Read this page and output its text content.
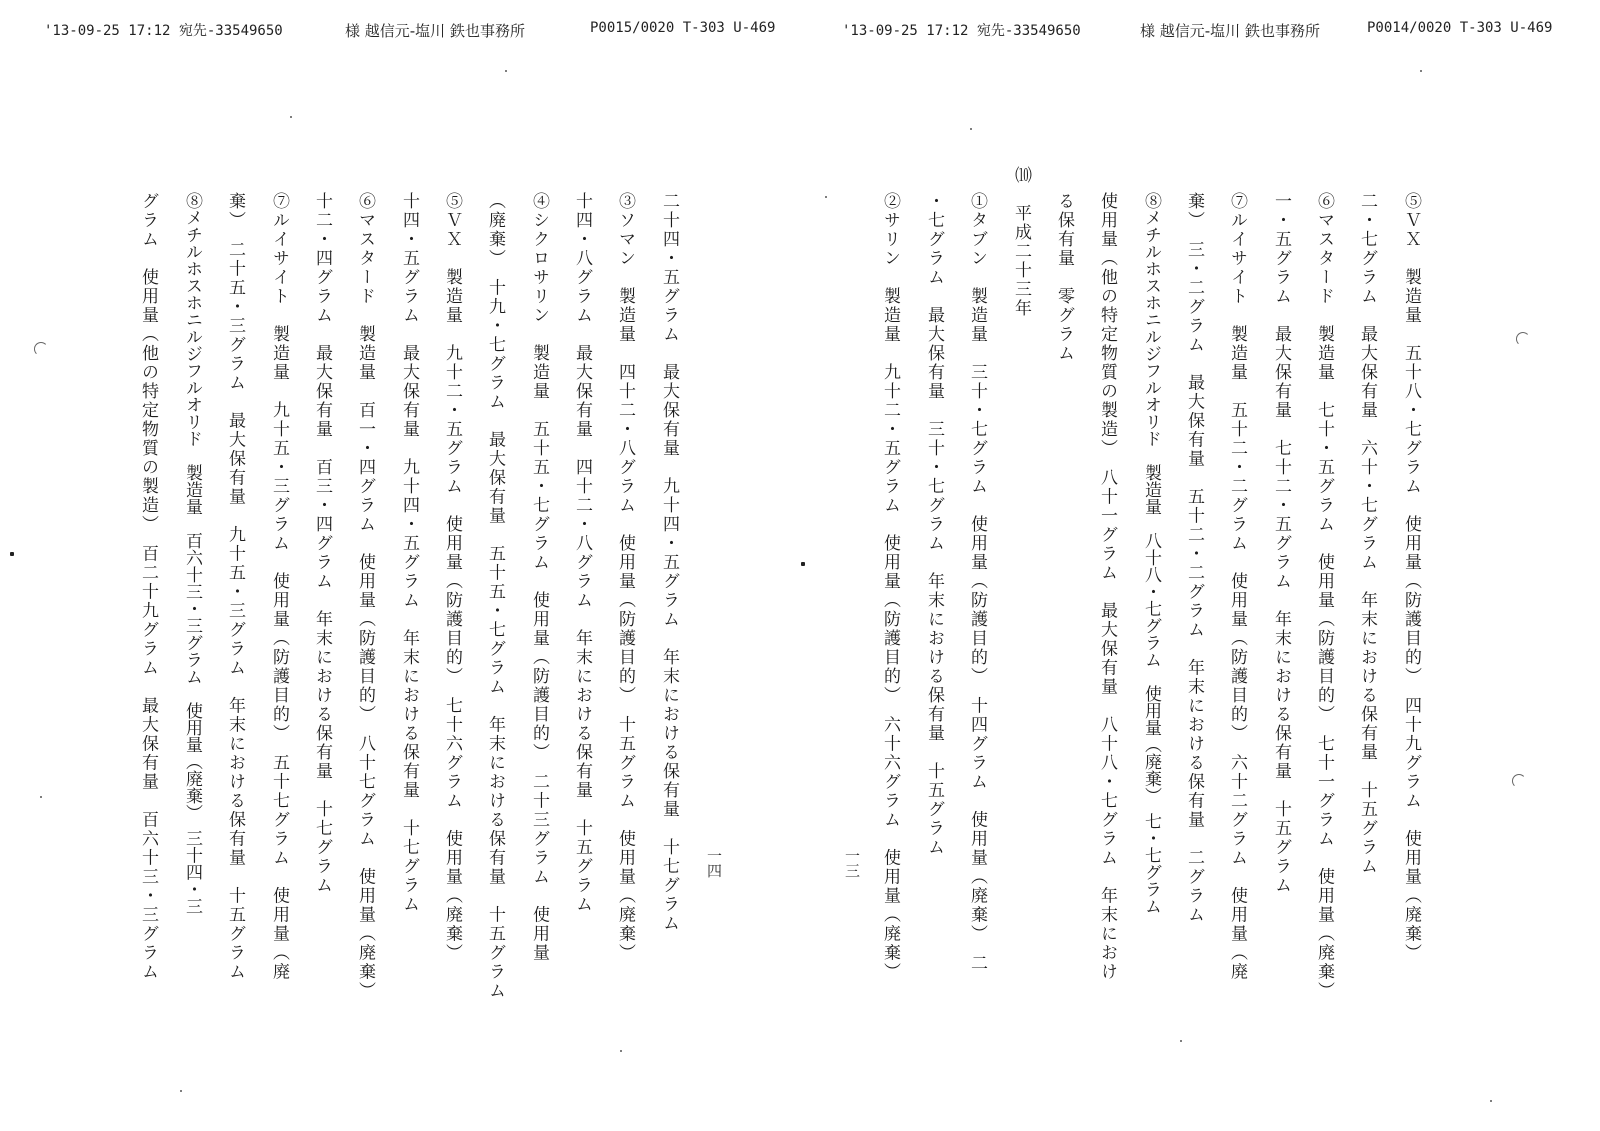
'13-09-25 17:12 宛先-33549650	様 越信元-塩川 鉄也事務所	P0015/0020 T-303 U-469
二十四・五グラム　最大保有量　九十四・五グラム　年末における保有量　十七グラム
③ソマン　製造量　四十二・八グラム　使用量（防護目的）　十五グラム　使用量（廃棄）
十四・八グラム　最大保有量　四十二・八グラム　年末における保有量　十五グラム
④シクロサリン　製造量　五十五・七グラム　使用量（防護目的）　二十三グラム　使用量
（廃棄）　十九・七グラム　最大保有量　五十五・七グラム　年末における保有量　十五グラム
⑤ＶＸ　製造量　九十二・五グラム　使用量（防護目的）　七十六グラム　使用量（廃棄）
十四・五グラム　最大保有量　九十四・五グラム　年末における保有量　十七グラム
⑥マスタード　製造量　百一・四グラム　使用量（防護目的）　八十七グラム　使用量（廃棄）
十二・四グラム　最大保有量　百三・四グラム　年末における保有量　十七グラム
⑦ルイサイト　製造量　九十五・三グラム　使用量（防護目的）　五十七グラム　使用量（廃
棄）　二十五・三グラム　最大保有量　九十五・三グラム　年末における保有量　十五グラム
⑧メチルホスホニルジフルオリド　製造量　百六十三・三グラム　使用量（廃棄）　三十四・三
グラム　使用量（他の特定物質の製造）　百二十九グラム　最大保有量　百六十三・三グラム	一四
'13-09-25 17:12 宛先-33549650	様 越信元-塩川 鉄也事務所	P0014/0020 T-303 U-469
⑤ＶＸ　製造量　五十八・七グラム　使用量（防護目的）　四十九グラム　使用量（廃棄）
二・七グラム　最大保有量　六十・七グラム　年末における保有量　十五グラム
⑥マスタード　製造量　七十・五グラム　使用量（防護目的）　七十一グラム　使用量（廃棄）
一・五グラム　最大保有量　七十二・五グラム　年末における保有量　十五グラム
⑦ルイサイト　製造量　五十二・二グラム　使用量（防護目的）　六十二グラム　使用量（廃
棄）　三・二グラム　最大保有量　五十二・二グラム　年末における保有量　二グラム
⑧メチルホスホニルジフルオリド　製造量　八十八・七グラム　使用量（廃棄）　七・七グラム
使用量（他の特定物質の製造）　八十一グラム　最大保有量　八十八・七グラム　年末におけ
る保有量　零グラム
⑽　平成二十三年
①タブン　製造量　三十・七グラム　使用量（防護目的）　十四グラム　使用量（廃棄）　二
・七グラム　最大保有量　三十・七グラム　年末における保有量　十五グラム
②サリン　製造量　九十二・五グラム　使用量（防護目的）　六十六グラム　使用量（廃棄）
一三
